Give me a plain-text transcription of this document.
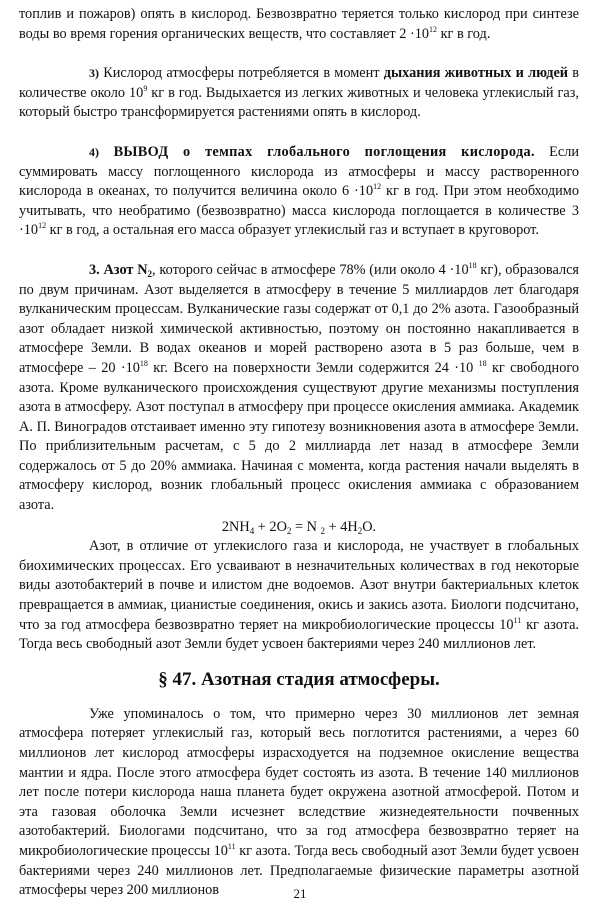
топлив и пожаров) опять в кислород. Безвозвратно теряется только кислород при синтезе воды во время горения органических веществ, что составляет $2 \cdot 10^{12}$ кг в год.

3) Кислород атмосферы потребляется в момент дыхания животных и людей в количестве около $10^9$ кг в год. Выдыхается из легких животных и человека углекислый газ, который быстро трансформируется растениями опять в кислород.

4) ВЫВОД о темпах глобального поглощения кислорода. Если суммировать массу поглощенного кислорода из атмосферы и массу растворенного кислорода в океанах, то получится величина около $6 \cdot 10^{12}$ кг в год. При этом необходимо учитывать, что необратимо (безвозвратно) масса кислорода поглощается в количестве $3 \cdot 10^{12}$ кг в год, а остальная его масса образует углекислый газ и вступает в круговорот.

3. Азот $N_2$, которого сейчас в атмосфере 78% (или около $4 \cdot 10^{18}$ кг), образовался по двум причинам. Азот выделяется в атмосферу в течение 5 миллиардов лет благодаря вулканическим процессам. Вулканические газы содержат от 0,1 до 2% азота. Газообразный азот обладает низкой химической активностью, поэтому он постоянно накапливается в атмосфере Земли. В водах океанов и морей растворено азота в 5 раз больше, чем в атмосфере – $20 \cdot 10^{18}$ кг. Всего на поверхности Земли содержится 24 ·10 $^{18}$ кг свободного азота. Кроме вулканического происхождения существуют другие механизмы поступления азота в атмосферу. Азот поступал в атмосферу при процессе окисления аммиака. Академик А. П. Виноградов отстаивает именно эту гипотезу возникновения азота в атмосфере Земли. По приблизительным расчетам, с 5 до 2 миллиарда лет назад в атмосфере Земли содержалось от 5 до 20% аммиака. Начиная с момента, когда растения начали выделять в атмосферу кислород, возник глобальный процесс окисления аммиака с образованием азота.

$2NH_4 + 2O_2 = N$ $_2 + 4H_2O$.

Азот, в отличие от углекислого газа и кислорода, не участвует в глобальных биохимических процессах. Его усваивают в незначительных количествах в год некоторые виды азотобактерий в почве и илистом дне водоемов. Азот внутри бактериальных клеток превращается в аммиак, цианистые соединения, окись и закись азота. Биологи подсчитано, что за год атмосфера безвозвратно теряет на микробиологические процессы $10^{11}$ кг азота. Тогда весь свободный азот Земли будет усвоен бактериями через 240 миллионов лет.

§ 47. Азотная стадия атмосферы.

Уже упоминалось о том, что примерно через 30 миллионов лет земная атмосфера потеряет углекислый газ, который весь поглотится растениями, а через 60 миллионов лет кислород атмосферы израсходуется на подземное окисление вещества мантии и ядра. После этого атмосфера будет состоять из азота. В течение 140 миллионов лет после потери кислорода наша планета будет окружена азотной атмосферой. Потом и эта газовая оболочка Земли исчезнет вследствие жизнедеятельности почвенных азотобактерий. Биологами подсчитано, что за год атмосфера безвозвратно теряет на микробиологические процессы $10^{11}$ кг азота. Тогда весь свободный азот Земли будет усвоен бактериями через 240 миллионов лет. Предполагаемые физические параметры азотной атмосферы через 200 миллионов	21
